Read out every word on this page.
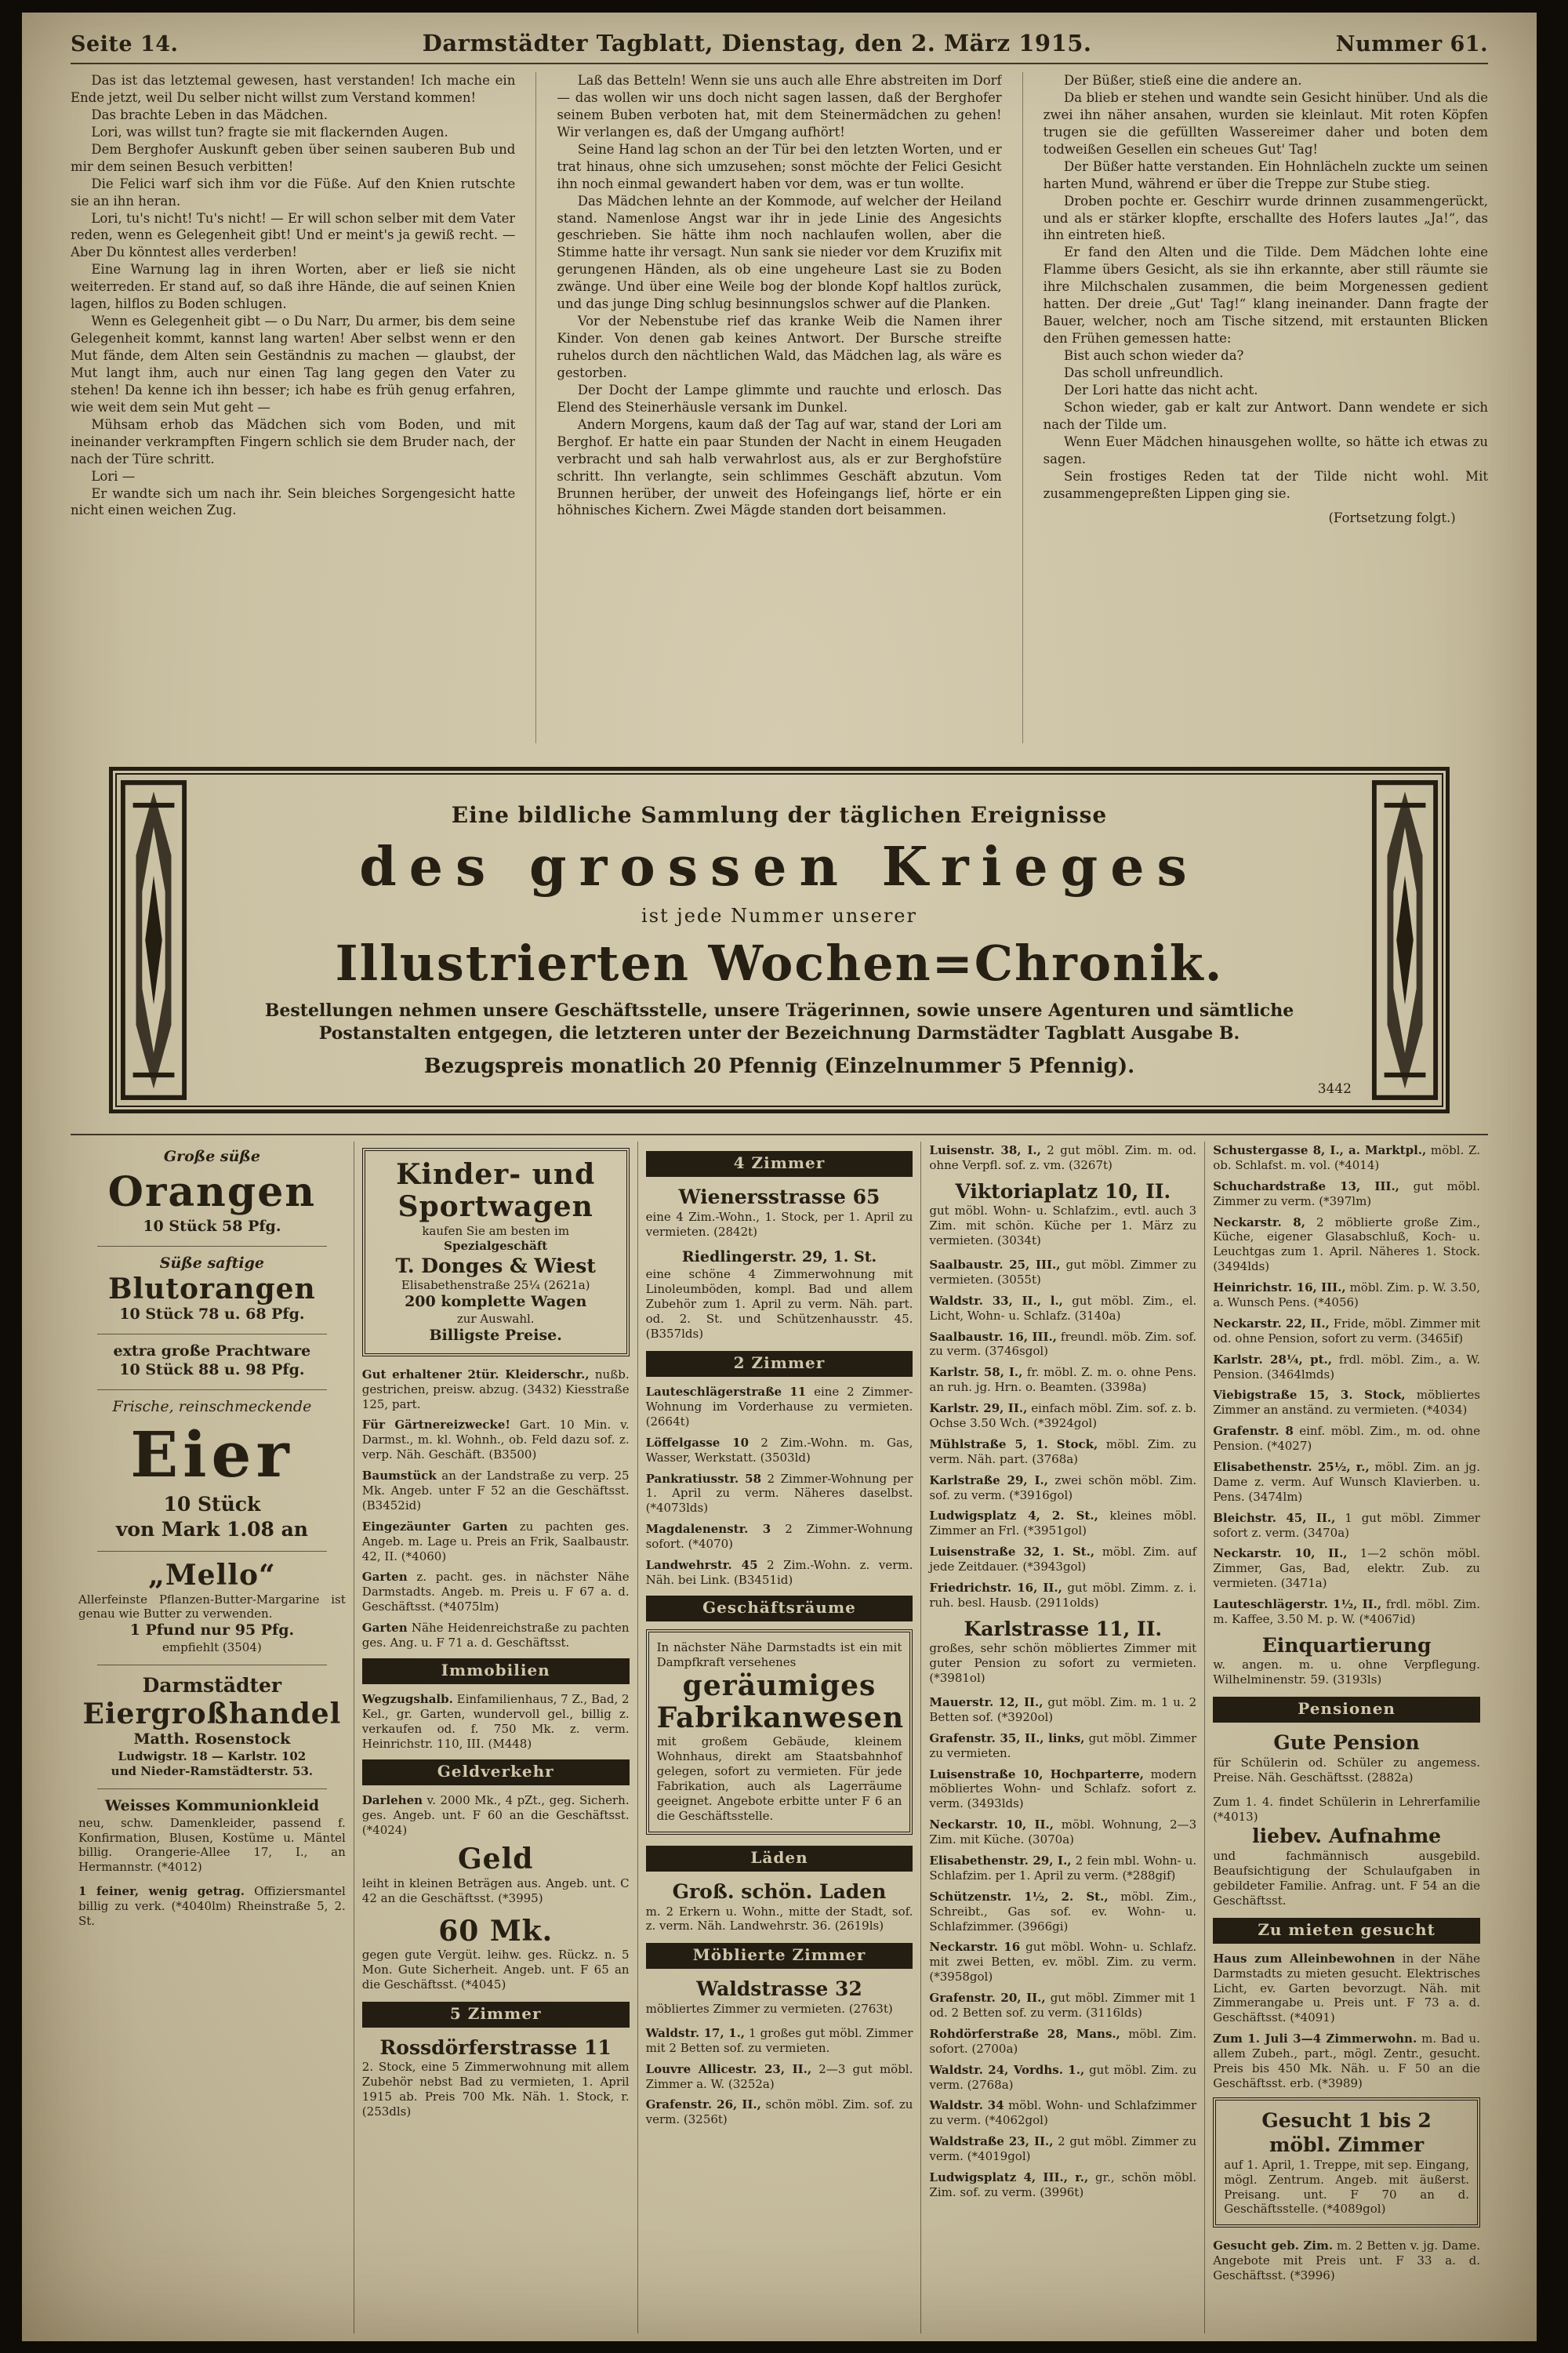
Seite 14.	Darmstädter Tagblatt, Dienstag, den 2. März 1915.	Nummer 61.

Das ist das letztemal gewesen, hast verstanden! Ich mache ein Ende jetzt, weil Du selber nicht willst zum Verstand kommen!

Das brachte Leben in das Mädchen.

Lori, was willst tun? fragte sie mit flackernden Augen.

Dem Berghofer Auskunft geben über seinen sauberen Bub und mir dem seinen Besuch verbitten!

Die Felici warf sich ihm vor die Füße. Auf den Knien rutschte sie an ihn heran.

Lori, tu's nicht! Tu's nicht! — Er will schon selber mit dem Vater reden, wenn es Gelegenheit gibt! Und er meint's ja gewiß recht. — Aber Du könntest alles verderben!

Eine Warnung lag in ihren Worten, aber er ließ sie nicht weiterreden. Er stand auf, so daß ihre Hände, die auf seinen Knien lagen, hilflos zu Boden schlugen.

Wenn es Gelegenheit gibt — o Du Narr, Du armer, bis dem seine Gelegenheit kommt, kannst lang warten! Aber selbst wenn er den Mut fände, dem Alten sein Geständnis zu machen — glaubst, der Mut langt ihm, auch nur einen Tag lang gegen den Vater zu stehen! Da kenne ich ihn besser; ich habe es früh genug erfahren, wie weit dem sein Mut geht —

Mühsam erhob das Mädchen sich vom Boden, und mit ineinander verkrampften Fingern schlich sie dem Bruder nach, der nach der Türe schritt.

Lori —

Er wandte sich um nach ihr. Sein bleiches Sorgengesicht hatte nicht einen weichen Zug.

Laß das Betteln! Wenn sie uns auch alle Ehre abstreiten im Dorf — das wollen wir uns doch nicht sagen lassen, daß der Berghofer seinem Buben verboten hat, mit dem Steinermädchen zu gehen! Wir verlangen es, daß der Umgang aufhört!

Seine Hand lag schon an der Tür bei den letzten Worten, und er trat hinaus, ohne sich umzusehen; sonst möchte der Felici Gesicht ihn noch einmal gewandert haben vor dem, was er tun wollte.

Das Mädchen lehnte an der Kommode, auf welcher der Heiland stand. Namenlose Angst war ihr in jede Linie des Angesichts geschrieben. Sie hätte ihm noch nachlaufen wollen, aber die Stimme hatte ihr versagt. Nun sank sie nieder vor dem Kruzifix mit gerungenen Händen, als ob eine ungeheure Last sie zu Boden zwänge. Und über eine Weile bog der blonde Kopf haltlos zurück, und das junge Ding schlug besinnungslos schwer auf die Planken.

Vor der Nebenstube rief das kranke Weib die Namen ihrer Kinder. Von denen gab keines Antwort. Der Bursche streifte ruhelos durch den nächtlichen Wald, das Mädchen lag, als wäre es gestorben.

Der Docht der Lampe glimmte und rauchte und erlosch. Das Elend des Steinerhäusle versank im Dunkel.

Andern Morgens, kaum daß der Tag auf war, stand der Lori am Berghof. Er hatte ein paar Stunden der Nacht in einem Heugaden verbracht und sah halb verwahrlost aus, als er zur Berghofstüre schritt. Ihn verlangte, sein schlimmes Geschäft abzutun. Vom Brunnen herüber, der unweit des Hofeingangs lief, hörte er ein höhnisches Kichern. Zwei Mägde standen dort beisammen.

Der Büßer, stieß eine die andere an.

Da blieb er stehen und wandte sein Gesicht hinüber. Und als die zwei ihn näher ansahen, wurden sie kleinlaut. Mit roten Köpfen trugen sie die gefüllten Wassereimer daher und boten dem todweißen Gesellen ein scheues Gut' Tag!

Der Büßer hatte verstanden. Ein Hohnlächeln zuckte um seinen harten Mund, während er über die Treppe zur Stube stieg.

Droben pochte er. Geschirr wurde drinnen zusammengerückt, und als er stärker klopfte, erschallte des Hofers lautes „Ja!“, das ihn eintreten hieß.

Er fand den Alten und die Tilde. Dem Mädchen lohte eine Flamme übers Gesicht, als sie ihn erkannte, aber still räumte sie ihre Milchschalen zusammen, die beim Morgenessen gedient hatten. Der dreie „Gut' Tag!“ klang ineinander. Dann fragte der Bauer, welcher, noch am Tische sitzend, mit erstaunten Blicken den Frühen gemessen hatte:

Bist auch schon wieder da?

Das scholl unfreundlich.

Der Lori hatte das nicht acht.

Schon wieder, gab er kalt zur Antwort. Dann wendete er sich nach der Tilde um.

Wenn Euer Mädchen hinausgehen wollte, so hätte ich etwas zu sagen.

Sein frostiges Reden tat der Tilde nicht wohl. Mit zusammengepreßten Lippen ging sie.

(Fortsetzung folgt.)

Eine bildliche Sammlung der täglichen Ereignisse
des grossen Krieges
ist jede Nummer unserer
Illustrierten Wochen=Chronik.
Bestellungen nehmen unsere Geschäftsstelle, unsere Trägerinnen, sowie unsere Agenturen und sämtliche Postanstalten entgegen, die letzteren unter der Bezeichnung Darmstädter Tagblatt Ausgabe B.
Bezugspreis monatlich 20 Pfennig (Einzelnummer 5 Pfennig).
3442
Große süße
Orangen
10 Stück 58 Pfg.
Süße saftige
Blutorangen
10 Stück 78 u. 68 Pfg.
extra große Prachtware
10 Stück 88 u. 98 Pfg.
Frische, reinschmeckende
Eier
10 Stück
von Mark 1.08 an
„Mello“
Allerfeinste Pflanzen-Butter-Margarine ist genau wie Butter zu verwenden.
1 Pfund nur 95 Pfg.
empfiehlt (3504)
Darmstädter
Eiergroßhandel
Matth. Rosenstock
Ludwigstr. 18 — Karlstr. 102
und Nieder-Ramstädterstr. 53.
Weisses Kommunionkleid
neu, schw. Damenkleider, passend f. Konfirmation, Blusen, Kostüme u. Mäntel billig. Orangerie-Allee 17, I., an Hermannstr. (*4012)

1 feiner, wenig getrag. Offiziersmantel billig zu verk. (*4040lm) Rheinstraße 5, 2. St.

Kinder- und
Sportwagen
kaufen Sie am besten im
Spezialgeschäft
T. Donges & Wiest
Elisabethenstraße 25¼ (2621a)
200 komplette Wagen
zur Auswahl.
Billigste Preise.

Gut erhaltener 2tür. Kleiderschr., nußb. gestrichen, preisw. abzug. (3432) Kiesstraße 125, part.

Für Gärtnereizwecke! Gart. 10 Min. v. Darmst., m. kl. Wohnh., ob. Feld dazu sof. z. verp. Näh. Geschäft. (B3500)

Baumstück an der Landstraße zu verp. 25 Mk. Angeb. unter F 52 an die Geschäftsst. (B3452id)

Eingezäunter Garten zu pachten ges. Angeb. m. Lage u. Preis an Frik, Saalbaustr. 42, II. (*4060)

Garten z. pacht. ges. in nächster Nähe Darmstadts. Angeb. m. Preis u. F 67 a. d. Geschäftsst. (*4075lm)

Garten Nähe Heidenreichstraße zu pachten ges. Ang. u. F 71 a. d. Geschäftsst.

Immobilien

Wegzugshalb. Einfamilienhaus, 7 Z., Bad, 2 Kel., gr. Garten, wundervoll gel., billig z. verkaufen od. f. 750 Mk. z. verm. Heinrichstr. 110, III. (M448)

Geldverkehr

Darlehen v. 2000 Mk., 4 pZt., geg. Sicherh. ges. Angeb. unt. F 60 an die Geschäftsst. (*4024)

Geld
leiht in kleinen Beträgen aus. Angeb. unt. C 42 an die Geschäftsst. (*3995)
60 Mk.
gegen gute Vergüt. leihw. ges. Rückz. n. 5 Mon. Gute Sicherheit. Angeb. unt. F 65 an die Geschäftsst. (*4045)
5 Zimmer
Rossdörferstrasse 11
2. Stock, eine 5 Zimmerwohnung mit allem Zubehör nebst Bad zu vermieten, 1. April 1915 ab. Preis 700 Mk. Näh. 1. Stock, r. (253dls)
4 Zimmer
Wienersstrasse 65
eine 4 Zim.-Wohn., 1. Stock, per 1. April zu vermieten. (2842t)
Riedlingerstr. 29, 1. St.
eine schöne 4 Zimmerwohnung mit Linoleumböden, kompl. Bad und allem Zubehör zum 1. April zu verm. Näh. part. od. 2. St. und Schützenhausstr. 45. (B357lds)
2 Zimmer

Lauteschlägerstraße 11 eine 2 Zimmer-Wohnung im Vorderhause zu vermieten. (2664t)

Löffelgasse 10 2 Zim.-Wohn. m. Gas, Wasser, Werkstatt. (3503ld)

Pankratiusstr. 58 2 Zimmer-Wohnung per 1. April zu verm. Näheres daselbst. (*4073lds)

Magdalenenstr. 3 2 Zimmer-Wohnung sofort. (*4070)

Landwehrstr. 45 2 Zim.-Wohn. z. verm. Näh. bei Link. (B3451id)

Geschäftsräume
In nächster Nähe Darmstadts ist ein mit Dampfkraft versehenes
geräumiges
Fabrikanwesen
mit großem Gebäude, kleinem Wohnhaus, direkt am Staatsbahnhof gelegen, sofort zu vermieten. Für jede Fabrikation, auch als Lagerräume geeignet. Angebote erbitte unter F 6 an die Geschäftsstelle.
Läden
Groß. schön. Laden
m. 2 Erkern u. Wohn., mitte der Stadt, sof. z. verm. Näh. Landwehrstr. 36. (2619ls)
Möblierte Zimmer
Waldstrasse 32
möbliertes Zimmer zu vermieten. (2763t)

Waldstr. 17, 1., 1 großes gut möbl. Zimmer mit 2 Betten sof. zu vermieten.

Louvre Allicestr. 23, II., 2—3 gut möbl. Zimmer a. W. (3252a)

Grafenstr. 26, II., schön möbl. Zim. sof. zu verm. (3256t)

Luisenstr. 38, I., 2 gut möbl. Zim. m. od. ohne Verpfl. sof. z. vm. (3267t)

Viktoriaplatz 10, II.
gut möbl. Wohn- u. Schlafzim., evtl. auch 3 Zim. mit schön. Küche per 1. März zu vermieten. (3034t)

Saalbaustr. 25, III., gut möbl. Zimmer zu vermieten. (3055t)

Waldstr. 33, II., l., gut möbl. Zim., el. Licht, Wohn- u. Schlafz. (3140a)

Saalbaustr. 16, III., freundl. möb. Zim. sof. zu verm. (3746sgol)

Karlstr. 58, I., fr. möbl. Z. m. o. ohne Pens. an ruh. jg. Hrn. o. Beamten. (3398a)

Karlstr. 29, II., einfach möbl. Zim. sof. z. b. Ochse 3.50 Wch. (*3924gol)

Mühlstraße 5, 1. Stock, möbl. Zim. zu verm. Näh. part. (3768a)

Karlstraße 29, I., zwei schön möbl. Zim. sof. zu verm. (*3916gol)

Ludwigsplatz 4, 2. St., kleines möbl. Zimmer an Frl. (*3951gol)

Luisenstraße 32, 1. St., möbl. Zim. auf jede Zeitdauer. (*3943gol)

Friedrichstr. 16, II., gut möbl. Zimm. z. i. ruh. besl. Hausb. (2911olds)

Karlstrasse 11, II.
großes, sehr schön möbliertes Zimmer mit guter Pension zu sofort zu vermieten. (*3981ol)

Mauerstr. 12, II., gut möbl. Zim. m. 1 u. 2 Betten sof. (*3920ol)

Grafenstr. 35, II., links, gut möbl. Zimmer zu vermieten.

Luisenstraße 10, Hochparterre, modern möbliertes Wohn- und Schlafz. sofort z. verm. (3493lds)

Neckarstr. 10, II., möbl. Wohnung, 2—3 Zim. mit Küche. (3070a)

Elisabethenstr. 29, I., 2 fein mbl. Wohn- u. Schlafzim. per 1. April zu verm. (*288gif)

Schützenstr. 1½, 2. St., möbl. Zim., Schreibt., Gas sof. ev. Wohn- u. Schlafzimmer. (3966gi)

Neckarstr. 16 gut möbl. Wohn- u. Schlafz. mit zwei Betten, ev. möbl. Zim. zu verm. (*3958gol)

Grafenstr. 20, II., gut möbl. Zimmer mit 1 od. 2 Betten sof. zu verm. (3116lds)

Rohdörferstraße 28, Mans., möbl. Zim. sofort. (2700a)

Waldstr. 24, Vordhs. 1., gut möbl. Zim. zu verm. (2768a)

Waldstr. 34 möbl. Wohn- und Schlafzimmer zu verm. (*4062gol)

Waldstraße 23, II., 2 gut möbl. Zimmer zu verm. (*4019gol)

Ludwigsplatz 4, III., r., gr., schön möbl. Zim. sof. zu verm. (3996t)

Schustergasse 8, I., a. Marktpl., möbl. Z. ob. Schlafst. m. vol. (*4014)

Schuchardstraße 13, III., gut möbl. Zimmer zu verm. (*397lm)

Neckarstr. 8, 2 möblierte große Zim., Küche, eigener Glasabschluß, Koch- u. Leuchtgas zum 1. April. Näheres 1. Stock. (3494lds)

Heinrichstr. 16, III., möbl. Zim. p. W. 3.50, a. Wunsch Pens. (*4056)

Neckarstr. 22, II., Fride, möbl. Zimmer mit od. ohne Pension, sofort zu verm. (3465if)

Karlstr. 28¼, pt., frdl. möbl. Zim., a. W. Pension. (3464lmds)

Viebigstraße 15, 3. Stock, möbliertes Zimmer an anständ. zu vermieten. (*4034)

Grafenstr. 8 einf. möbl. Zim., m. od. ohne Pension. (*4027)

Elisabethenstr. 25½, r., möbl. Zim. an jg. Dame z. verm. Auf Wunsch Klavierben. u. Pens. (3474lm)

Bleichstr. 45, II., 1 gut möbl. Zimmer sofort z. verm. (3470a)

Neckarstr. 10, II., 1—2 schön möbl. Zimmer, Gas, Bad, elektr. Zub. zu vermieten. (3471a)

Lauteschlägerstr. 1½, II., frdl. möbl. Zim. m. Kaffee, 3.50 M. p. W. (*4067id)

Einquartierung
w. angen. m. u. ohne Verpflegung. Wilhelminenstr. 59. (3193ls)
Pensionen
Gute Pension
für Schülerin od. Schüler zu angemess. Preise. Näh. Geschäftsst. (2882a)
Zum 1. 4. findet Schülerin in Lehrerfamilie (*4013)
liebev. Aufnahme
und fachmännisch ausgebild. Beaufsichtigung der Schulaufgaben in gebildeter Familie. Anfrag. unt. F 54 an die Geschäftsst.
Zu mieten gesucht

Haus zum Alleinbewohnen in der Nähe Darmstadts zu mieten gesucht. Elektrisches Licht, ev. Garten bevorzugt. Näh. mit Zimmerangabe u. Preis unt. F 73 a. d. Geschäftsst. (*4091)

Zum 1. Juli 3—4 Zimmerwohn. m. Bad u. allem Zubeh., part., mögl. Zentr., gesucht. Preis bis 450 Mk. Näh. u. F 50 an die Geschäftsst. erb. (*3989)

Gesucht 1 bis 2
möbl. Zimmer
auf 1. April, 1. Treppe, mit sep. Eingang, mögl. Zentrum. Angeb. mit äußerst. Preisang. unt. F 70 an d. Geschäftsstelle. (*4089gol)

Gesucht geb. Zim. m. 2 Betten v. jg. Dame. Angebote mit Preis unt. F 33 a. d. Geschäftsst. (*3996)
